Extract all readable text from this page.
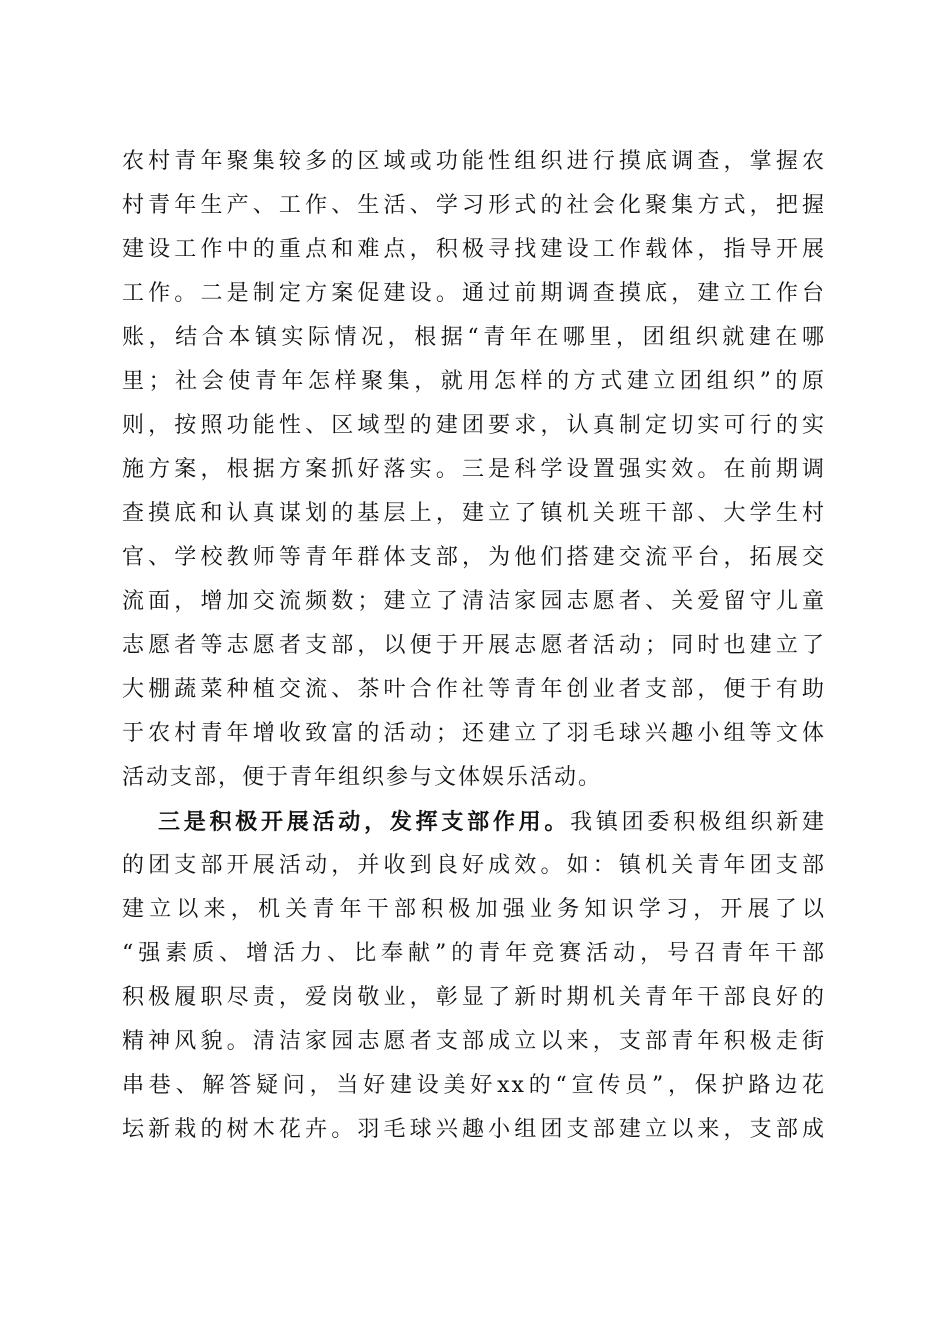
农村青年聚集较多的区域或功能性组织进行摸底调查，掌握农
村青年生产、工作、生活、学习形式的社会化聚集方式，把握
建设工作中的重点和难点，积极寻找建设工作载体，指导开展
工作。二是制定方案促建设。通过前期调查摸底，建立工作台
账，结合本镇实际情况，根据“青年在哪里，团组织就建在哪
里；社会使青年怎样聚集，就用怎样的方式建立团组织”的原
则，按照功能性、区域型的建团要求，认真制定切实可行的实
施方案，根据方案抓好落实。三是科学设置强实效。在前期调
查摸底和认真谋划的基层上，建立了镇机关班干部、大学生村
官、学校教师等青年群体支部，为他们搭建交流平台，拓展交
流面，增加交流频数；建立了清洁家园志愿者、关爱留守儿童
志愿者等志愿者支部，以便于开展志愿者活动；同时也建立了
大棚蔬菜种植交流、茶叶合作社等青年创业者支部，便于有助
于农村青年增收致富的活动；还建立了羽毛球兴趣小组等文体
活动支部，便于青年组织参与文体娱乐活动。
三是积极开展活动，发挥支部作用。我镇团委积极组织新建
的团支部开展活动，并收到良好成效。如：镇机关青年团支部
建立以来，机关青年干部积极加强业务知识学习，开展了以
“强素质、增活力、比奉献”的青年竞赛活动，号召青年干部
积极履职尽责，爱岗敬业，彰显了新时期机关青年干部良好的
精神风貌。清洁家园志愿者支部成立以来，支部青年积极走街
串巷、解答疑问，当好建设美好xx的“宣传员”，保护路边花
坛新栽的树木花卉。羽毛球兴趣小组团支部建立以来，支部成
